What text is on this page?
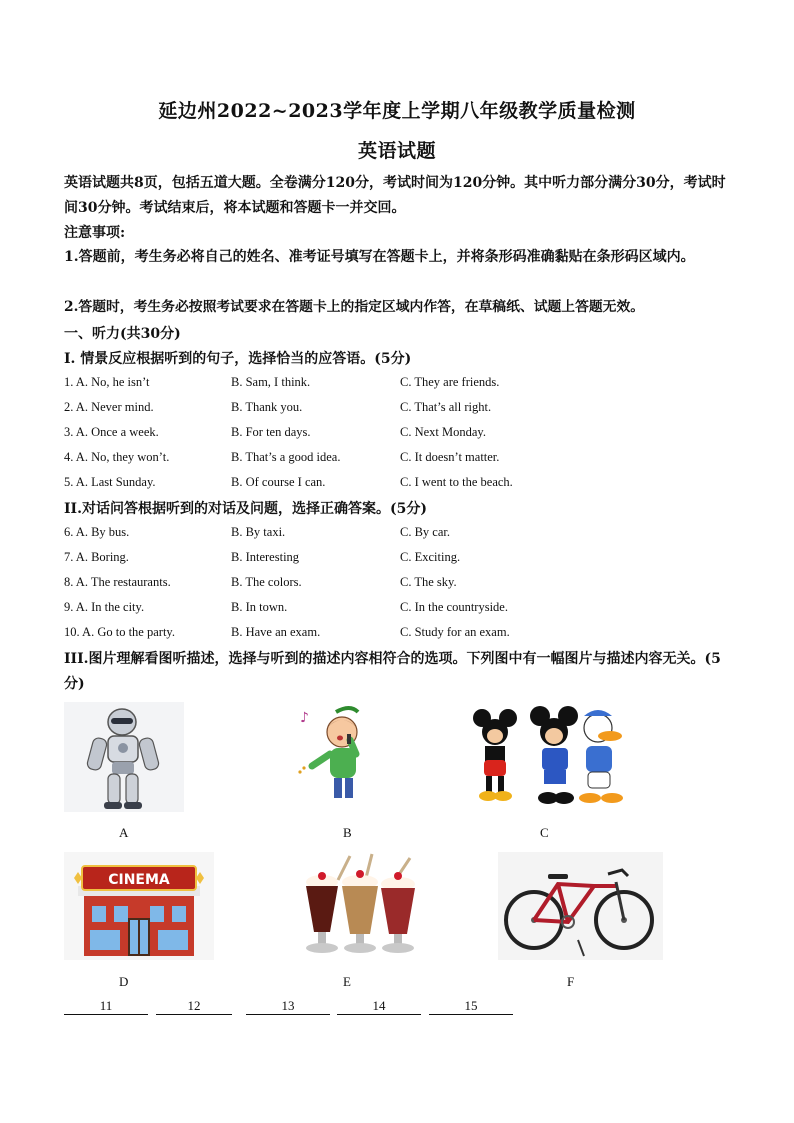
延边州2022~2023学年度上学期八年级教学质量检测
英语试题
英语试题共8页，包括五道大题。全卷满分120分，考试时间为120分钟。其中听力部分满分30分，考试时间30分钟。考试结束后，将本试题和答题卡一并交回。
注意事项:
1.答题前，考生务必将自己的姓名、准考证号填写在答题卡上，并将条形码准确黏贴在条形码区域内。
2.答题时，考生务必按照考试要求在答题卡上的指定区域内作答，在草稿纸、试题上答题无效。
一、听力(共30分)
I. 情景反应根据听到的句子，选择恰当的应答语。(5分)
1. A. No, he isn’t	B. Sam, I think.	C. They are friends.
2. A. Never mind.	B. Thank you.	C. That’s all right.
3. A. Once a week.	B. For ten days.	C. Next Monday.
4. A. No, they won’t.	B. That’s a good idea.	C. It doesn’t matter.
5. A. Last Sunday.	B. Of course I can.	C. I went to the beach.
II.对话问答根据听到的对话及问题，选择正确答案。(5分)
6. A. By bus.	B. By taxi.	C. By car.
7. A. Boring.	B. Interesting	C. Exciting.
8. A. The restaurants.	B. The colors.	C. The sky.
9. A. In the city.	B. In town.	C. In the countryside.
10. A. Go to the party.	B. Have an exam.	C. Study for an exam.
III.图片理解看图听描述，选择与听到的描述内容相符合的选项。下列图中有一幅图片与描述内容无关。(5分)
♪
A	B	C
CINEMA
D	E	F
11	12	13	14	15
